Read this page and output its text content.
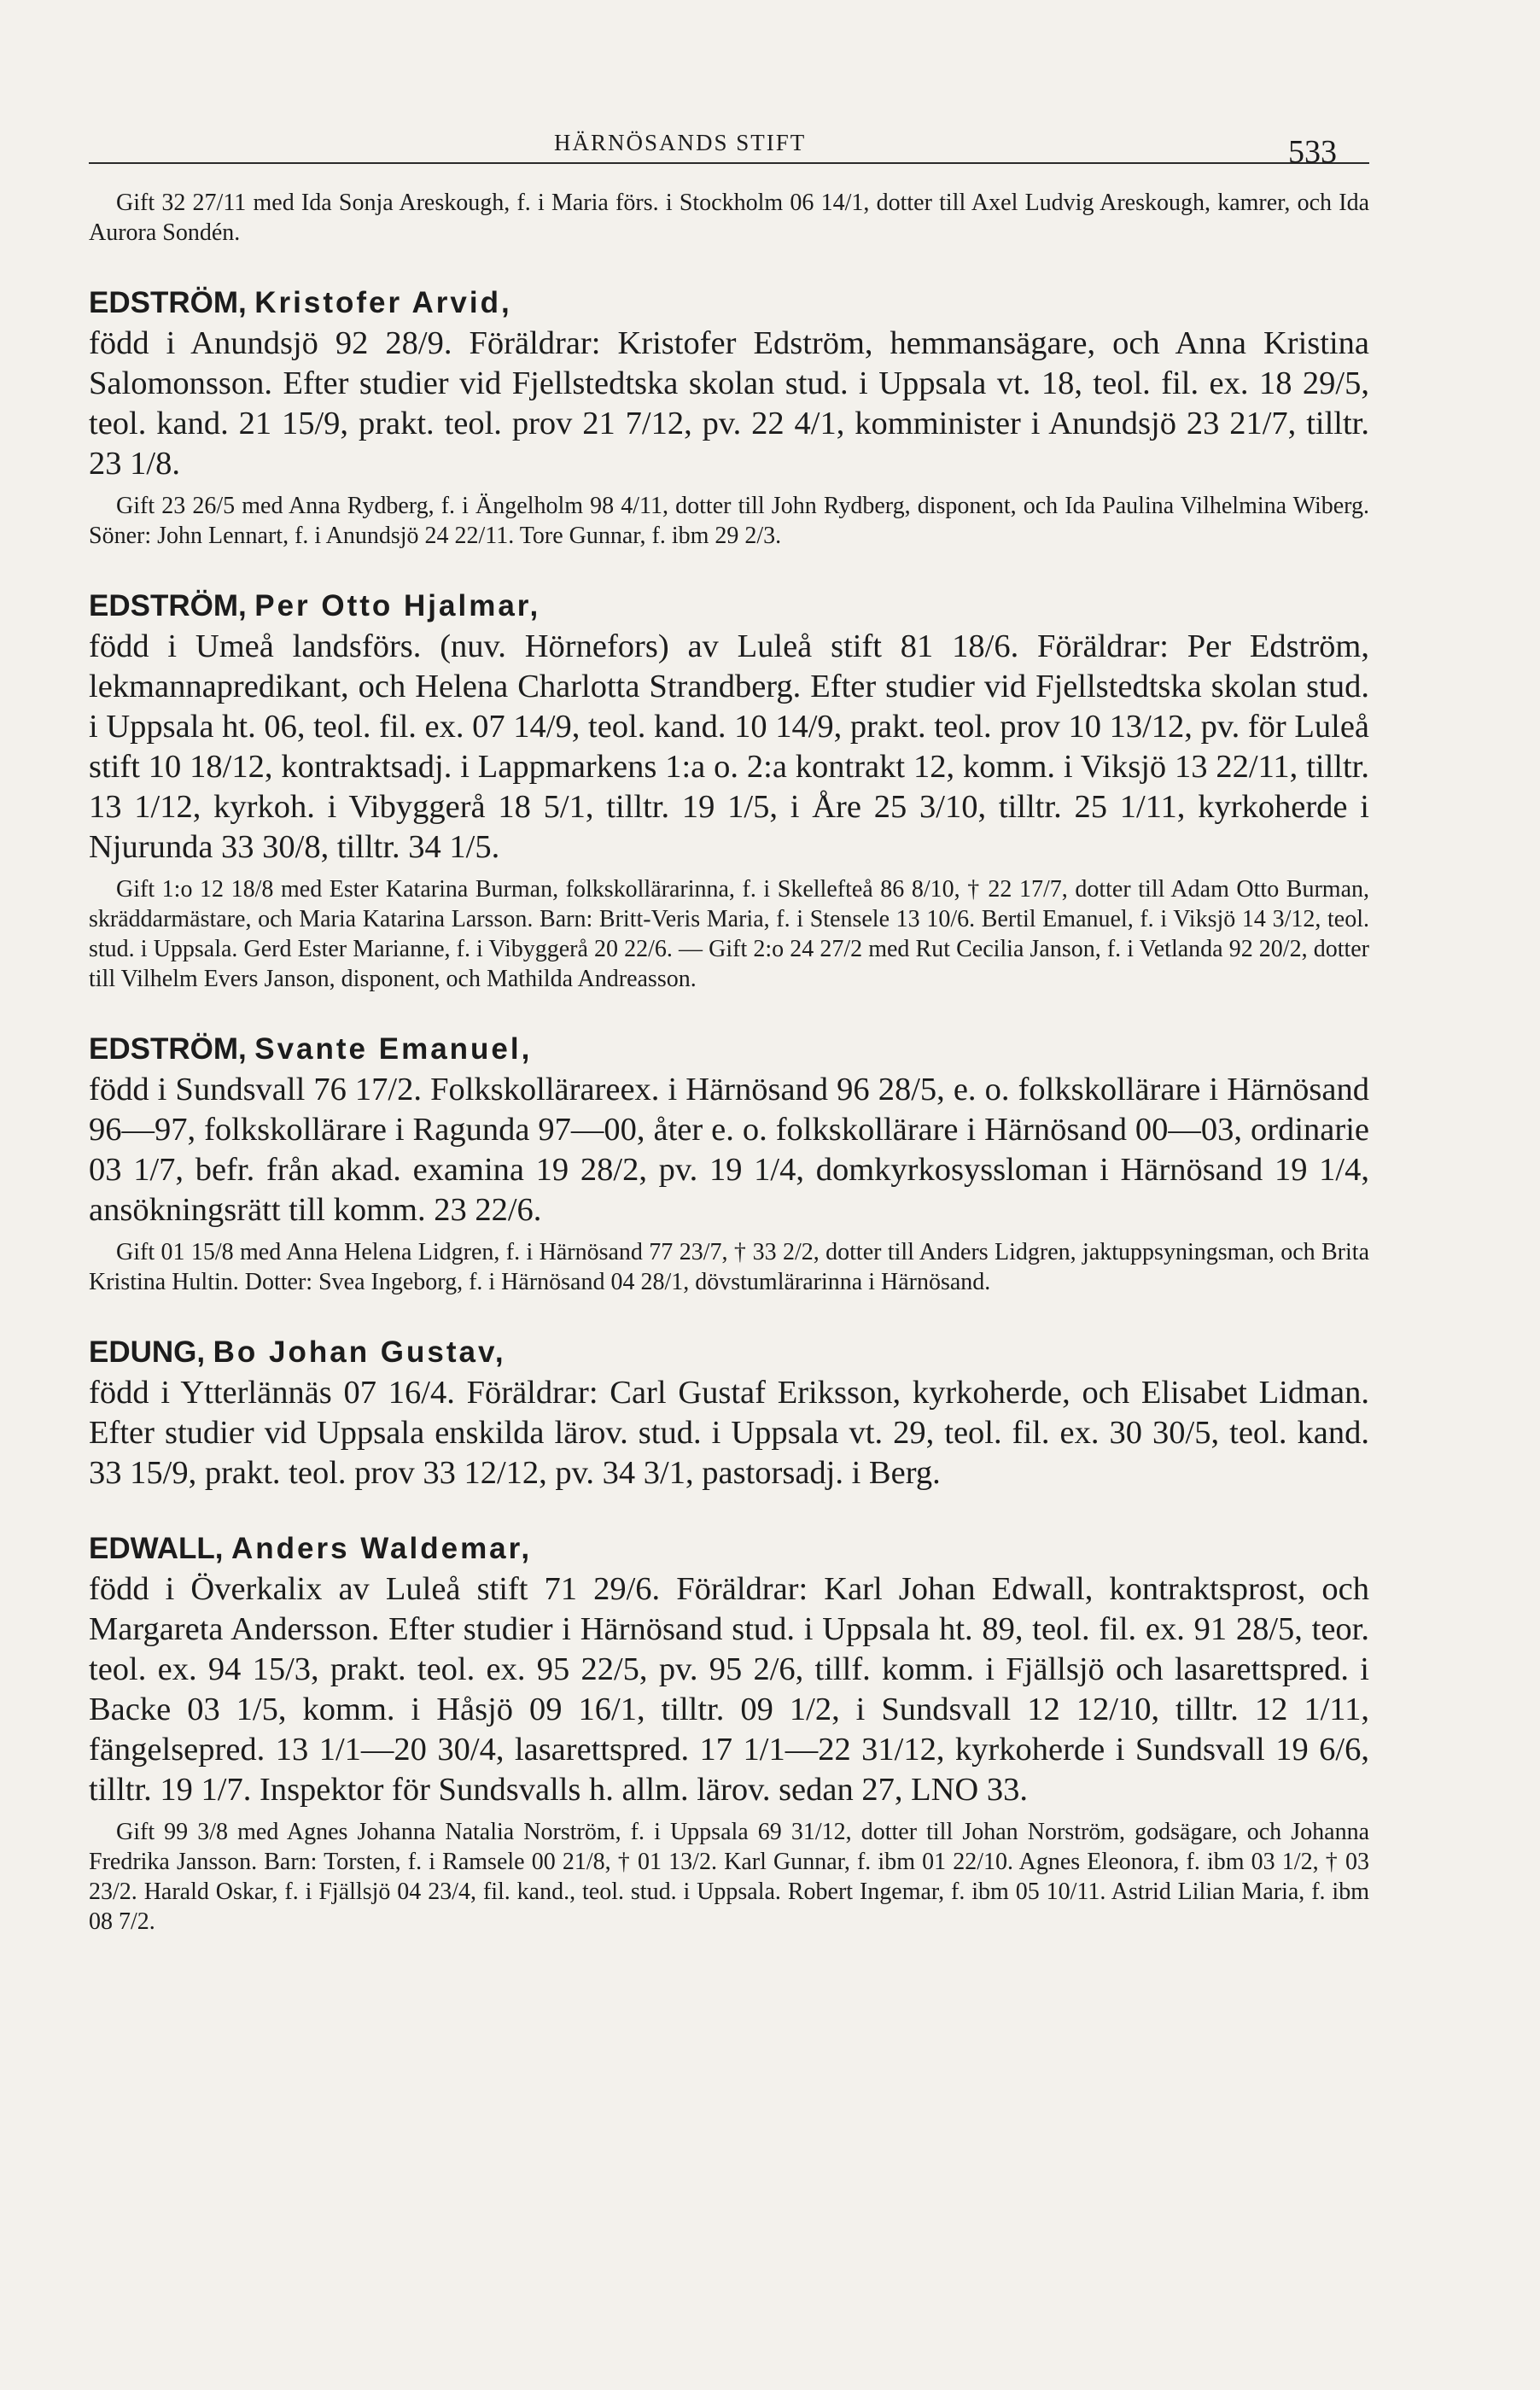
HÄRNÖSANDS STIFT	533

Gift 32 27/11 med Ida Sonja Areskough, f. i Maria förs. i Stockholm 06 14/1, dotter till Axel Ludvig Areskough, kamrer, och Ida Aurora Sondén.

EDSTRÖM, Kristofer Arvid,

född i Anundsjö 92 28/9. Föräldrar: Kristofer Edström, hemmansägare, och Anna Kristina Salomonsson. Efter studier vid Fjellstedtska skolan stud. i Uppsala vt. 18, teol. fil. ex. 18 29/5, teol. kand. 21 15/9, prakt. teol. prov 21 7/12, pv. 22 4/1, komminister i Anundsjö 23 21/7, tilltr. 23 1/8.

Gift 23 26/5 med Anna Rydberg, f. i Ängelholm 98 4/11, dotter till John Rydberg, disponent, och Ida Paulina Vilhelmina Wiberg. Söner: John Lennart, f. i Anundsjö 24 22/11. Tore Gunnar, f. ibm 29 2/3.

EDSTRÖM, Per Otto Hjalmar,

född i Umeå landsförs. (nuv. Hörnefors) av Luleå stift 81 18/6. Föräldrar: Per Edström, lekmannapredikant, och Helena Charlotta Strandberg. Efter studier vid Fjellstedtska skolan stud. i Uppsala ht. 06, teol. fil. ex. 07 14/9, teol. kand. 10 14/9, prakt. teol. prov 10 13/12, pv. för Luleå stift 10 18/12, kontraktsadj. i Lappmarkens 1:a o. 2:a kontrakt 12, komm. i Viksjö 13 22/11, tilltr. 13 1/12, kyrkoh. i Vibyggerå 18 5/1, tilltr. 19 1/5, i Åre 25 3/10, tilltr. 25 1/11, kyrkoherde i Njurunda 33 30/8, tilltr. 34 1/5.

Gift 1:o 12 18/8 med Ester Katarina Burman, folkskollärarinna, f. i Skellefteå 86 8/10, † 22 17/7, dotter till Adam Otto Burman, skräddarmästare, och Maria Katarina Larsson. Barn: Britt-Veris Maria, f. i Stensele 13 10/6. Bertil Emanuel, f. i Viksjö 14 3/12, teol. stud. i Uppsala. Gerd Ester Marianne, f. i Vibyggerå 20 22/6. — Gift 2:o 24 27/2 med Rut Cecilia Janson, f. i Vetlanda 92 20/2, dotter till Vilhelm Evers Janson, disponent, och Mathilda Andreasson.

EDSTRÖM, Svante Emanuel,

född i Sundsvall 76 17/2. Folkskollärareex. i Härnösand 96 28/5, e. o. folkskollärare i Härnösand 96—97, folkskollärare i Ragunda 97—00, åter e. o. folkskollärare i Härnösand 00—03, ordinarie 03 1/7, befr. från akad. examina 19 28/2, pv. 19 1/4, domkyrkosyssloman i Härnösand 19 1/4, ansökningsrätt till komm. 23 22/6.

Gift 01 15/8 med Anna Helena Lidgren, f. i Härnösand 77 23/7, † 33 2/2, dotter till Anders Lidgren, jaktuppsyningsman, och Brita Kristina Hultin. Dotter: Svea Ingeborg, f. i Härnösand 04 28/1, dövstumlärarinna i Härnösand.

EDUNG, Bo Johan Gustav,

född i Ytterlännäs 07 16/4. Föräldrar: Carl Gustaf Eriksson, kyrkoherde, och Elisabet Lidman. Efter studier vid Uppsala enskilda lärov. stud. i Uppsala vt. 29, teol. fil. ex. 30 30/5, teol. kand. 33 15/9, prakt. teol. prov 33 12/12, pv. 34 3/1, pastorsadj. i Berg.

EDWALL, Anders Waldemar,

född i Överkalix av Luleå stift 71 29/6. Föräldrar: Karl Johan Edwall, kontraktsprost, och Margareta Andersson. Efter studier i Härnösand stud. i Uppsala ht. 89, teol. fil. ex. 91 28/5, teor. teol. ex. 94 15/3, prakt. teol. ex. 95 22/5, pv. 95 2/6, tillf. komm. i Fjällsjö och lasarettspred. i Backe 03 1/5, komm. i Håsjö 09 16/1, tilltr. 09 1/2, i Sundsvall 12 12/10, tilltr. 12 1/11, fängelsepred. 13 1/1—20 30/4, lasarettspred. 17 1/1—22 31/12, kyrkoherde i Sundsvall 19 6/6, tilltr. 19 1/7. Inspektor för Sundsvalls h. allm. lärov. sedan 27, LNO 33.

Gift 99 3/8 med Agnes Johanna Natalia Norström, f. i Uppsala 69 31/12, dotter till Johan Norström, godsägare, och Johanna Fredrika Jansson. Barn: Torsten, f. i Ramsele 00 21/8, † 01 13/2. Karl Gunnar, f. ibm 01 22/10. Agnes Eleonora, f. ibm 03 1/2, † 03 23/2. Harald Oskar, f. i Fjällsjö 04 23/4, fil. kand., teol. stud. i Uppsala. Robert Ingemar, f. ibm 05 10/11. Astrid Lilian Maria, f. ibm 08 7/2.
